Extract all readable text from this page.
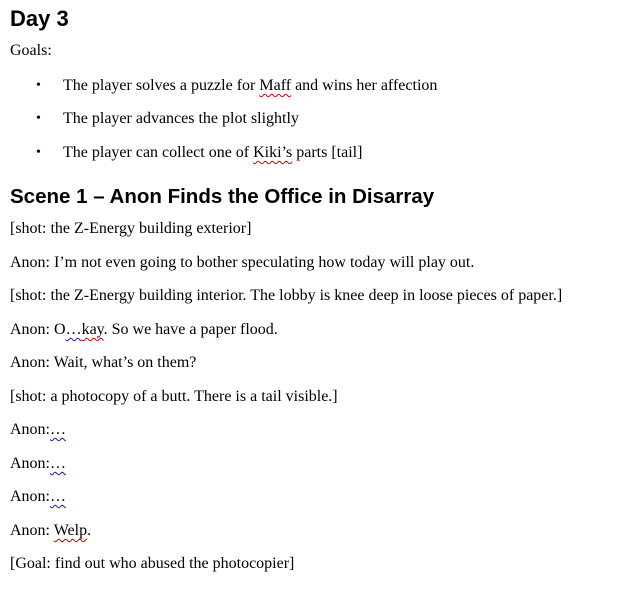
Day 3

Goals:

• The player solves a puzzle for Maff and wins her affection
• The player advances the plot slightly
• The player can collect one of Kiki’s parts [tail]
Scene 1 – Anon Finds the Office in Disarray

[shot: the Z-Energy building exterior]

Anon: I’m not even going to bother speculating how today will play out.

[shot: the Z-Energy building interior. The lobby is knee deep in loose pieces of paper.]

Anon: O…kay. So we have a paper flood.

Anon: Wait, what’s on them?

[shot: a photocopy of a butt. There is a tail visible.]

Anon:…

Anon:…

Anon:…

Anon: Welp.

[Goal: find out who abused the photocopier]
